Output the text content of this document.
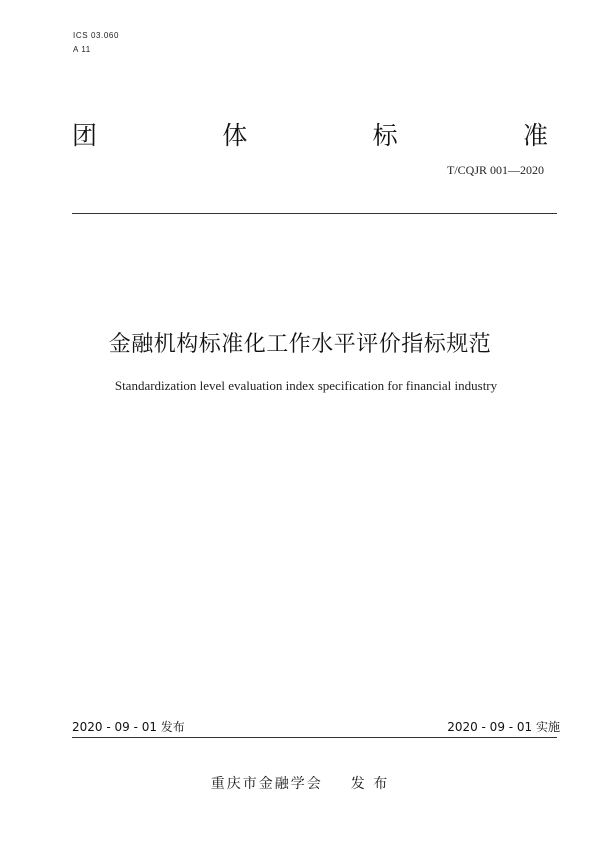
ICS 03.060
A 11
团	体	标	准
T/CQJR 001—2020
金融机构标准化工作水平评价指标规范
Standardization level evaluation index specification for financial industry
2020 - 09 - 01 发布	2020 - 09 - 01 实施
重庆市金融学会 发 布
